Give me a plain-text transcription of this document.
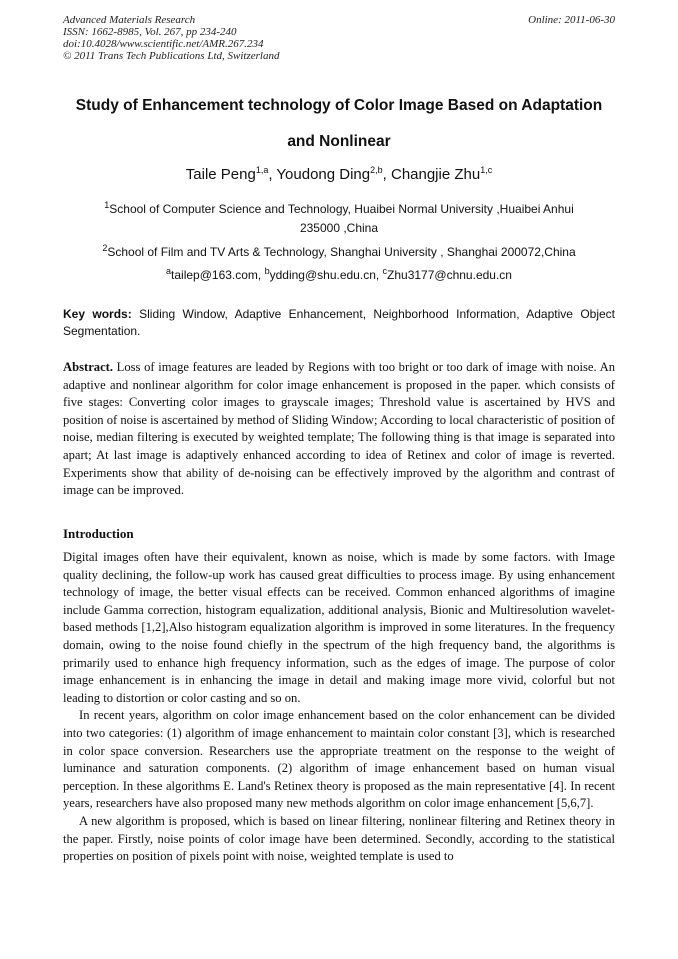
Advanced Materials Research
ISSN: 1662-8985, Vol. 267, pp 234-240
doi:10.4028/www.scientific.net/AMR.267.234
© 2011 Trans Tech Publications Ltd, Switzerland
Online: 2011-06-30
Study of Enhancement technology of Color Image Based on Adaptation
and Nonlinear
Taile Peng$^{1,a}$, Youdong Ding$^{2,b}$, Changjie Zhu$^{1,c}$
$^1$School of Computer Science and Technology, Huaibei Normal University ,Huaibei Anhui
235000 ,China
$^2$School of Film and TV Arts & Technology, Shanghai University , Shanghai 200072,China
$^a$tailep@163.com, $^b$ydding@shu.edu.cn, $^c$Zhu3177@chnu.edu.cn
Key words: Sliding Window, Adaptive Enhancement, Neighborhood Information, Adaptive Object Segmentation.
Abstract. Loss of image features are leaded by Regions with too bright or too dark of image with noise. An adaptive and nonlinear algorithm for color image enhancement is proposed in the paper. which consists of five stages: Converting color images to grayscale images; Threshold value is ascertained by HVS and position of noise is ascertained by method of Sliding Window; According to local characteristic of position of noise, median filtering is executed by weighted template; The following thing is that image is separated into apart; At last image is adaptively enhanced according to idea of Retinex and color of image is reverted. Experiments show that ability of de-noising can be effectively improved by the algorithm and contrast of image can be improved.
Introduction

Digital images often have their equivalent, known as noise, which is made by some factors. with Image quality declining, the follow-up work has caused great difficulties to process image. By using enhancement technology of image, the better visual effects can be received. Common enhanced algorithms of imagine include Gamma correction, histogram equalization, additional analysis, Bionic and Multiresolution wavelet-based methods [1,2],Also histogram equalization algorithm is improved in some literatures. In the frequency domain, owing to the noise found chiefly in the spectrum of the high frequency band, the algorithms is primarily used to enhance high frequency information, such as the edges of image. The purpose of color image enhancement is in enhancing the image in detail and making image more vivid, colorful but not leading to distortion or color casting and so on.

In recent years, algorithm on color image enhancement based on the color enhancement can be divided into two categories: (1) algorithm of image enhancement to maintain color constant [3], which is researched in color space conversion. Researchers use the appropriate treatment on the response to the weight of luminance and saturation components. (2) algorithm of image enhancement based on human visual perception. In these algorithms E. Land's Retinex theory is proposed as the main representative [4]. In recent years, researchers have also proposed many new methods algorithm on color image enhancement [5,6,7].

A new algorithm is proposed, which is based on linear filtering, nonlinear filtering and Retinex theory in the paper. Firstly, noise points of color image have been determined. Secondly, according to the statistical properties on position of pixels point with noise, weighted template is used to
